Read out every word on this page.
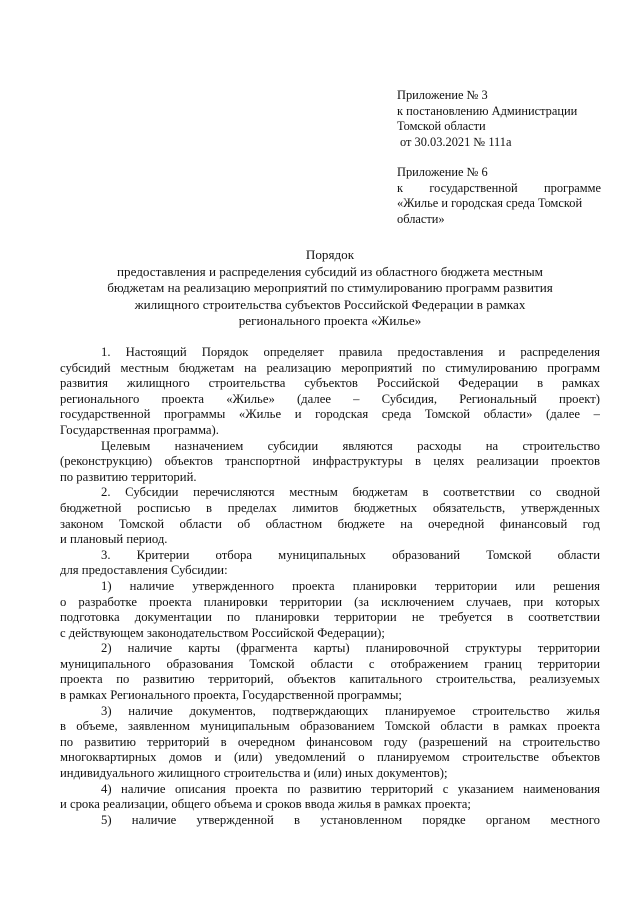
Приложение № 3
к постановлению Администрации
Томской области
от 30.03.2021 № 111а
Приложение № 6
к государственной программе
«Жилье и городская среда Томской
области»
Порядок
предоставления и распределения субсидий из областного бюджета местным
бюджетам на реализацию мероприятий по стимулированию программ развития
жилищного строительства субъектов Российской Федерации в рамках
регионального проекта «Жилье»
1. Настоящий Порядок определяет правила предоставления и распределения
субсидий местным бюджетам на реализацию мероприятий по стимулированию программ
развития жилищного строительства субъектов Российской Федерации в рамках
регионального проекта «Жилье» (далее – Субсидия, Региональный проект)
государственной программы «Жилье и городская среда Томской области» (далее –
Государственная программа).
Целевым назначением субсидии являются расходы на строительство
(реконструкцию) объектов транспортной инфраструктуры в целях реализации проектов
по развитию территорий.
2. Субсидии перечисляются местным бюджетам в соответствии со сводной
бюджетной росписью в пределах лимитов бюджетных обязательств, утвержденных
законом Томской области об областном бюджете на очередной финансовый год
и плановый период.
3. Критерии отбора муниципальных образований Томской области
для предоставления Субсидии:
1) наличие утвержденного проекта планировки территории или решения
о разработке проекта планировки территории (за исключением случаев, при которых
подготовка документации по планировки территории не требуется в соответствии
с действующем законодательством Российской Федерации);
2) наличие карты (фрагмента карты) планировочной структуры территории
муниципального образования Томской области с отображением границ территории
проекта по развитию территорий, объектов капитального строительства, реализуемых
в рамках Регионального проекта, Государственной программы;
3) наличие документов, подтверждающих планируемое строительство жилья
в объеме, заявленном муниципальным образованием Томской области в рамках проекта
по развитию территорий в очередном финансовом году (разрешений на строительство
многоквартирных домов и (или) уведомлений о планируемом строительстве объектов
индивидуального жилищного строительства и (или) иных документов);
4) наличие описания проекта по развитию территорий с указанием наименования
и срока реализации, общего объема и сроков ввода жилья в рамках проекта;
5) наличие утвержденной в установленном порядке органом местного
